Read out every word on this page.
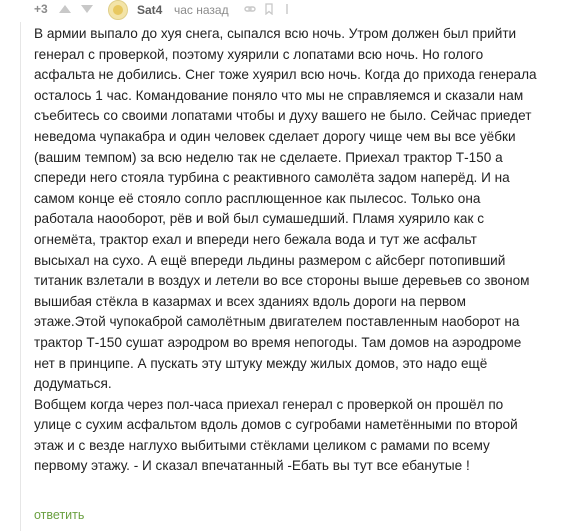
+3	Sat4 час назад

В армии выпало до хуя снега, сыпался всю ночь. Утром должен был прийти

генерал с проверкой, поэтому хуярили с лопатами всю ночь. Но голого

асфальта не добились. Снег тоже хуярил всю ночь. Когда до прихода генерала

осталось 1 час. Командование поняло что мы не справляемся и сказали нам

съебитесь со своими лопатами чтобы и духу вашего не было. Сейчас приедет

неведома чупакабра и один человек сделает дорогу чище чем вы все уёбки

(вашим темпом) за всю неделю так не сделаете. Приехал трактор Т-150 а

спереди него стояла турбина с реактивного самолёта задом наперёд. И на

самом конце её стояло сопло расплющенное как пылесос. Только она

работала наооборот, рёв и вой был сумашедший. Пламя хуярило как с

огнемёта, трактор ехал и впереди него бежала вода и тут же асфальт

высыхал на сухо. А ещё впереди льдины размером с айсберг потопивший

титаник взлетали в воздух и летели во все стороны выше деревьев со звоном

вышибая стёкла в казармах и всех зданиях вдоль дороги на первом

этаже.Этой чупокаброй самолётным двигателем поставленным наоборот на

трактор Т-150 сушат аэродром во время непогоды. Там домов на аэродроме

нет в принципе. А пускать эту штуку между жилых домов, это надо ещё

додуматься.

Вобщем когда через пол-часа приехал генерал с проверкой он прошёл по

улице с сухим асфальтом вдоль домов с сугробами наметёнными по второй

этаж и с везде наглухо выбитыми стёклами целиком с рамами по всему

первому этажу. - И сказал впечатанный -Ебать вы тут все ебанутые !

ответить
